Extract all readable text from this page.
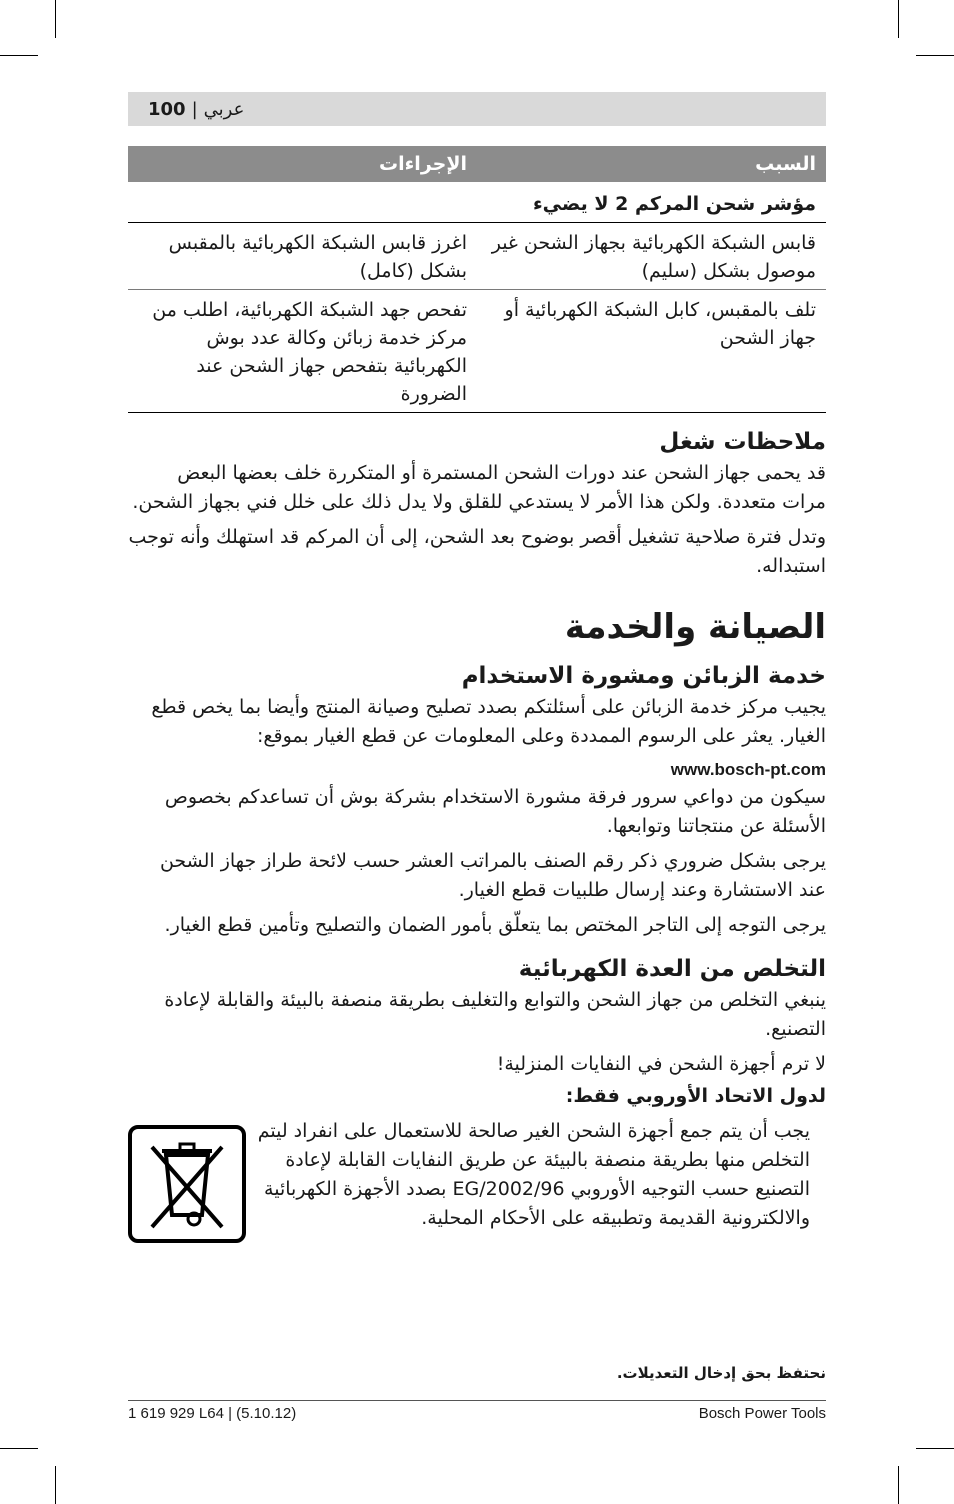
100 | عربي
السبب	الإجراءات
مؤشر شحن المركم 2 لا يضيء	
قابس الشبكة الكهربائية بجهاز الشحن غير موصول بشكل (سليم)	اغرز قابس الشبكة الكهربائية بالمقبس بشكل (كامل)
تلف بالمقبس، كابل الشبكة الكهربائية أو جهاز الشحن	تفحص جهد الشبكة الكهربائية، اطلب من مركز خدمة زبائن وكالة عدد بوش الكهربائية بتفحص جهاز الشحن عند الضرورة
ملاحظات شغل

قد يحمى جهاز الشحن عند دورات الشحن المستمرة أو المتكررة خلف بعضها البعض مرات متعددة. ولكن هذا الأمر لا يستدعي للقلق ولا يدل ذلك على خلل فني بجهاز الشحن.

وتدل فترة صلاحية تشغيل أقصر بوضوح بعد الشحن، إلى أن المركم قد استهلك وأنه توجب استبداله.

الصيانة والخدمة
خدمة الزبائن ومشورة الاستخدام

يجيب مركز خدمة الزبائن على أسئلتكم بصدد تصليح وصيانة المنتج وأيضا بما يخص قطع الغيار. يعثر على الرسوم الممددة وعلى المعلومات عن قطع الغيار بموقع:

www.bosch-pt.com

سيكون من دواعي سرور فرقة مشورة الاستخدام بشركة بوش أن تساعدكم بخصوص الأسئلة عن منتجاتنا وتوابعها.

يرجى بشكل ضروري ذكر رقم الصنف بالمراتب العشر حسب لائحة طراز جهاز الشحن عند الاستشارة وعند إرسال طلبيات قطع الغيار.

يرجى التوجه إلى التاجر المختص بما يتعلّق بأمور الضمان والتصليح وتأمين قطع الغيار.

التخلص من العدة الكهربائية

ينبغي التخلص من جهاز الشحن والتوابع والتغليف بطريقة منصفة بالبيئة والقابلة لإعادة التصنيع.

لا ترم أجهزة الشحن في النفايات المنزلية!

لدول الاتحاد الأوروبي فقط:
يجب أن يتم جمع أجهزة الشحن الغير صالحة للاستعمال على انفراد ليتم التخلص منها بطريقة منصفة بالبيئة عن طريق النفايات القابلة لإعادة التصنيع حسب التوجيه الأوروبي 2002/96/EG بصدد الأجهزة الكهربائية والالكترونية القديمة وتطبيقه على الأحكام المحلية.
نحتفظ بحق إدخال التعديلات.
1 619 929 L64 | (5.10.12)	Bosch Power Tools
